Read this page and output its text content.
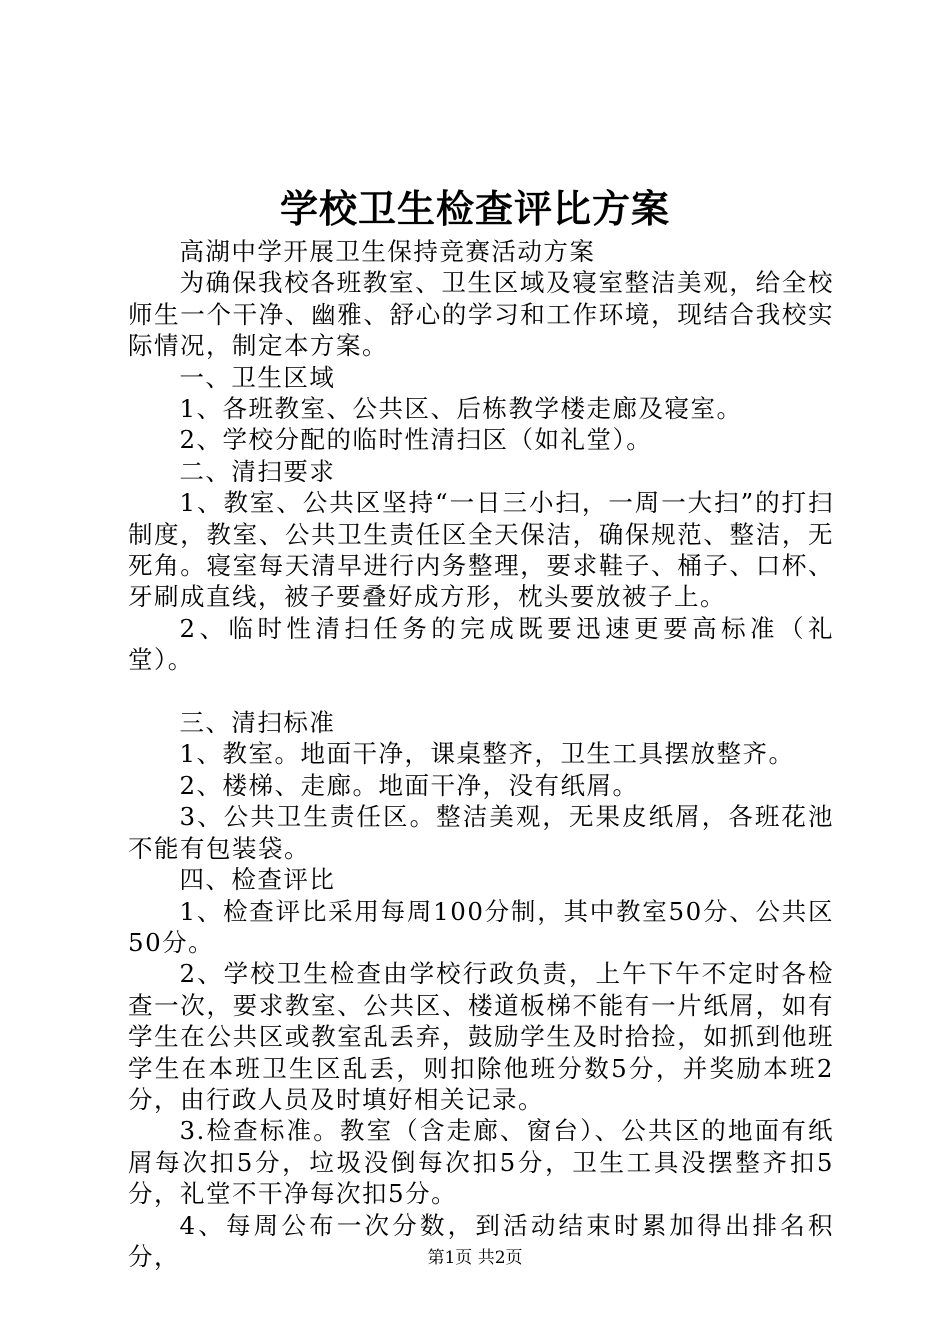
学校卫生检查评比方案

高湖中学开展卫生保持竞赛活动方案

为确保我校各班教室、卫生区域及寝室整洁美观，给全校师生一个干净、幽雅、舒心的学习和工作环境，现结合我校实际情况，制定本方案。

一、卫生区域

1、各班教室、公共区、后栋教学楼走廊及寝室。

2、学校分配的临时性清扫区（如礼堂）。

二、清扫要求

1、教室、公共区坚持“一日三小扫，一周一大扫”的打扫制度，教室、公共卫生责任区全天保洁，确保规范、整洁，无死角。寝室每天清早进行内务整理，要求鞋子、桶子、口杯、牙刷成直线，被子要叠好成方形，枕头要放被子上。

2、临时性清扫任务的完成既要迅速更要高标准（礼堂）。

三、清扫标准

1、教室。地面干净，课桌整齐，卫生工具摆放整齐。

2、楼梯、走廊。地面干净，没有纸屑。

3、公共卫生责任区。整洁美观，无果皮纸屑，各班花池不能有包装袋。

四、检查评比

1、检查评比采用每周100分制，其中教室50分、公共区50分。

2、学校卫生检查由学校行政负责，上午下午不定时各检查一次，要求教室、公共区、楼道板梯不能有一片纸屑，如有学生在公共区或教室乱丢弃，鼓励学生及时拾捡，如抓到他班学生在本班卫生区乱丢，则扣除他班分数5分，并奖励本班2分，由行政人员及时填好相关记录。

3.检查标准。教室（含走廊、窗台）、公共区的地面有纸屑每次扣5分，垃圾没倒每次扣5分，卫生工具没摆整齐扣5分，礼堂不干净每次扣5分。

4、每周公布一次分数，到活动结束时累加得出排名积分，	第1页 共2页
